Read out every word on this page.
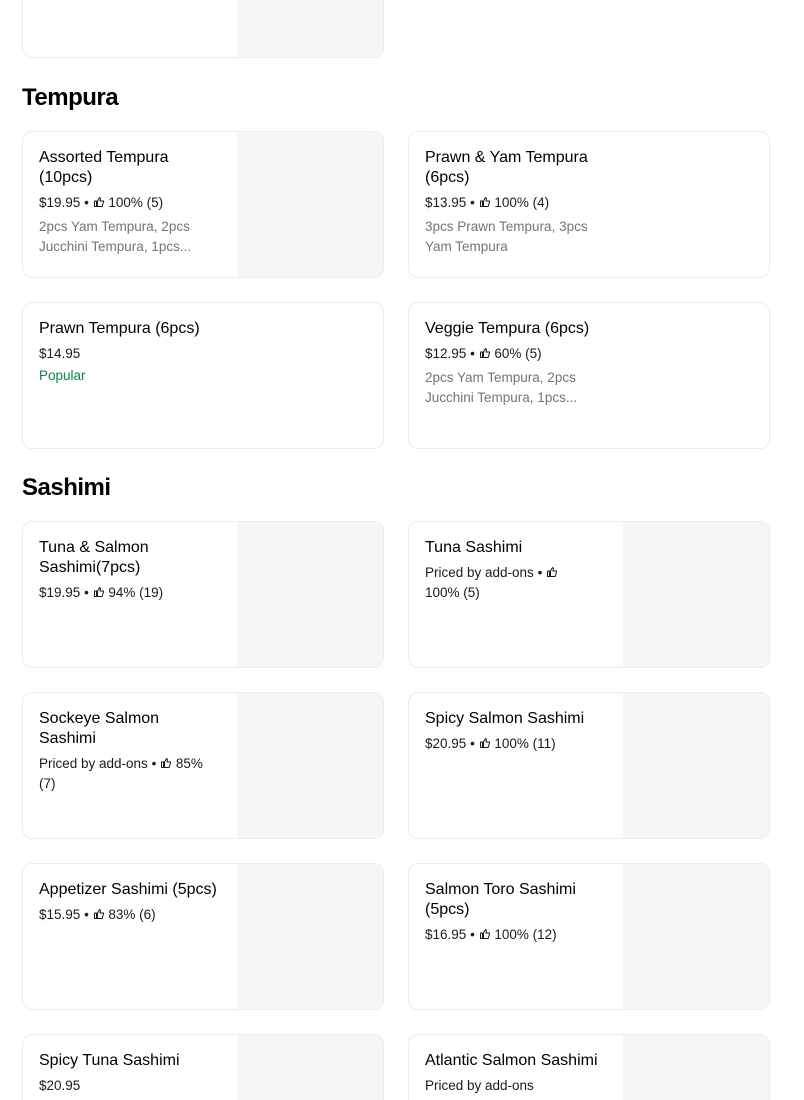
Tempura
Assorted Tempura (10pcs)
$19.95 • 100% (5)
2pcs Yam Tempura, 2pcs Jucchini Tempura, 1pcs...
Prawn & Yam Tempura (6pcs)
$13.95 • 100% (4)
3pcs Prawn Tempura, 3pcs Yam Tempura
Prawn Tempura (6pcs)
$14.95
Popular
Veggie Tempura (6pcs)
$12.95 • 60% (5)
2pcs Yam Tempura, 2pcs Jucchini Tempura, 1pcs...
Sashimi
Tuna & Salmon Sashimi(7pcs)
$19.95 • 94% (19)
Tuna Sashimi
Priced by add-ons •  100% (5)
Sockeye Salmon Sashimi
Priced by add-ons • 85% (7)
Spicy Salmon Sashimi
$20.95 • 100% (11)
Appetizer Sashimi (5pcs)
$15.95 • 83% (6)
Salmon Toro Sashimi (5pcs)
$16.95 • 100% (12)
Spicy Tuna Sashimi
$20.95
Atlantic Salmon Sashimi
Priced by add-ons
